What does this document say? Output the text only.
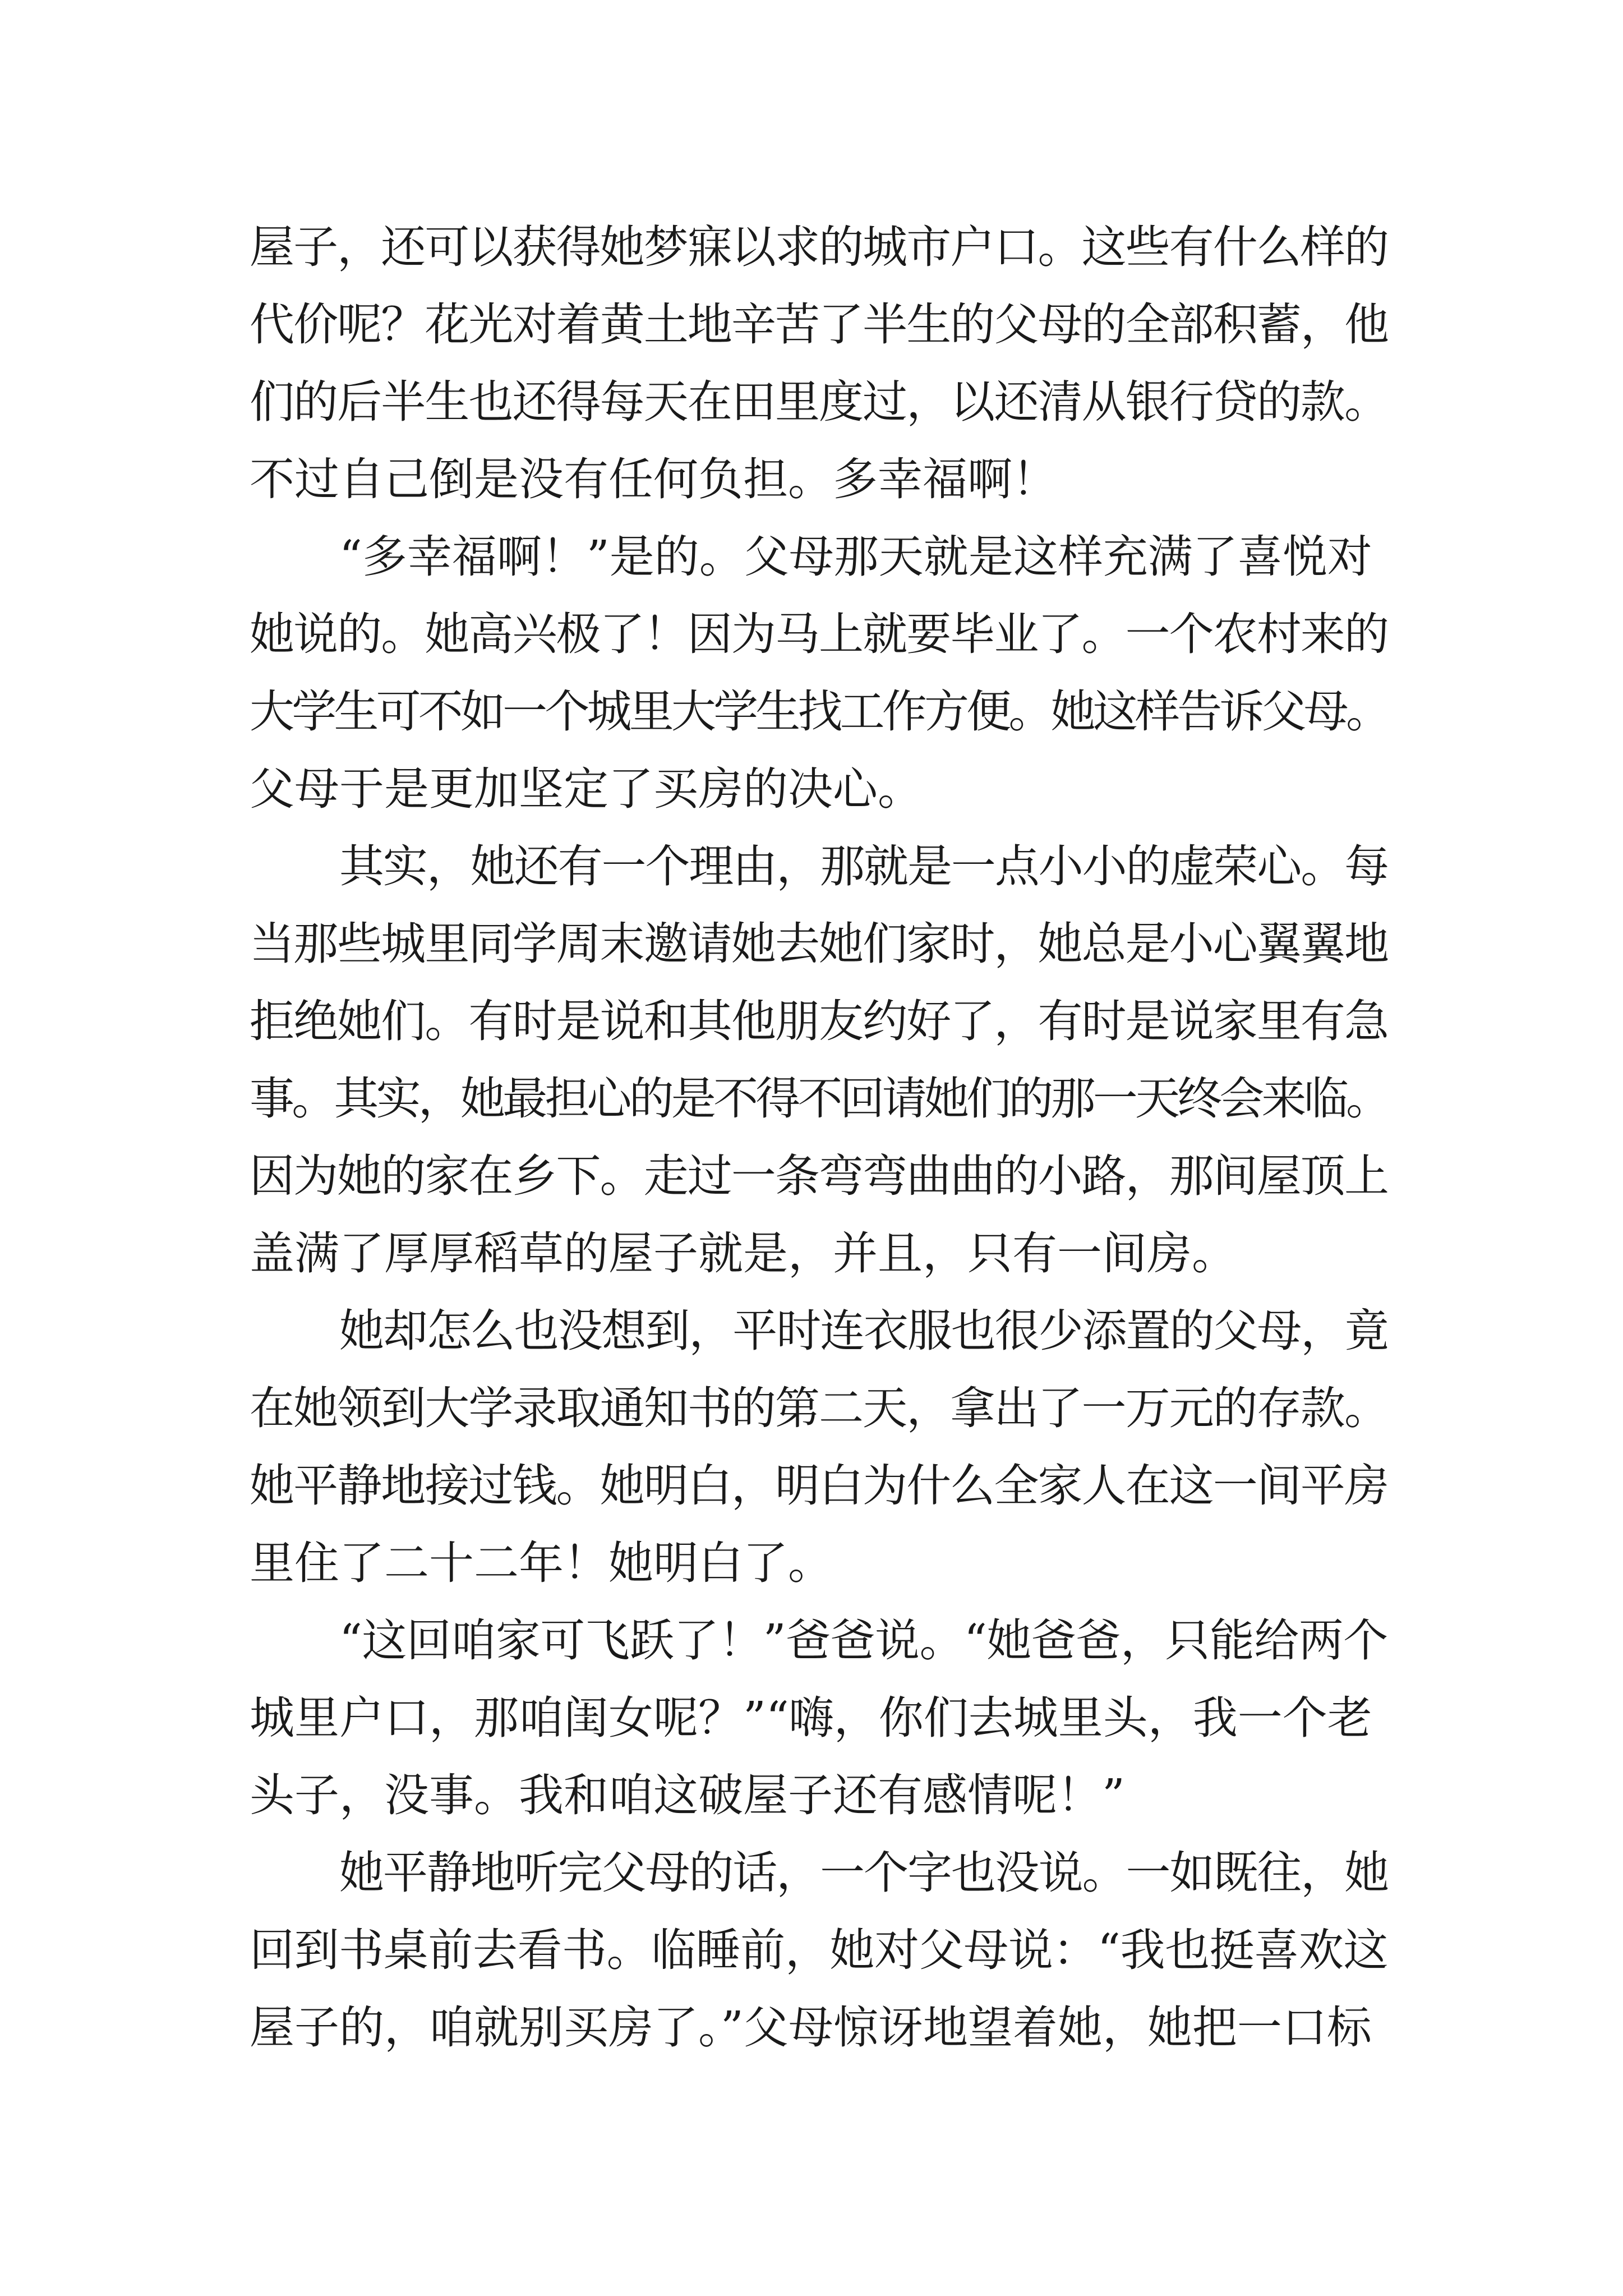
屋子，还可以获得她梦寐以求的城市户口。这些有什么样的
代价呢？花光对着黄土地辛苦了半生的父母的全部积蓄，他
们的后半生也还得每天在田里度过，以还清从银行贷的款。
不过自己倒是没有任何负担。多幸福啊！
“多幸福啊！”是的。父母那天就是这样充满了喜悦对
她说的。她高兴极了！因为马上就要毕业了。一个农村来的
大学生可不如一个城里大学生找工作方便。她这样告诉父母。
父母于是更加坚定了买房的决心。
其实，她还有一个理由，那就是一点小小的虚荣心。每
当那些城里同学周末邀请她去她们家时，她总是小心翼翼地
拒绝她们。有时是说和其他朋友约好了，有时是说家里有急
事。其实，她最担心的是不得不回请她们的那一天终会来临。
因为她的家在乡下。走过一条弯弯曲曲的小路，那间屋顶上
盖满了厚厚稻草的屋子就是，并且，只有一间房。
她却怎么也没想到，平时连衣服也很少添置的父母，竟
在她领到大学录取通知书的第二天，拿出了一万元的存款。
她平静地接过钱。她明白，明白为什么全家人在这一间平房
里住了二十二年！她明白了。
“这回咱家可飞跃了！”爸爸说。“她爸爸，只能给两个
城里户口，那咱闺女呢？”“嗨，你们去城里头，我一个老
头子，没事。我和咱这破屋子还有感情呢！”
她平静地听完父母的话，一个字也没说。一如既往，她
回到书桌前去看书。临睡前，她对父母说：“我也挺喜欢这
屋子的，咱就别买房了。”父母惊讶地望着她，她把一口标
